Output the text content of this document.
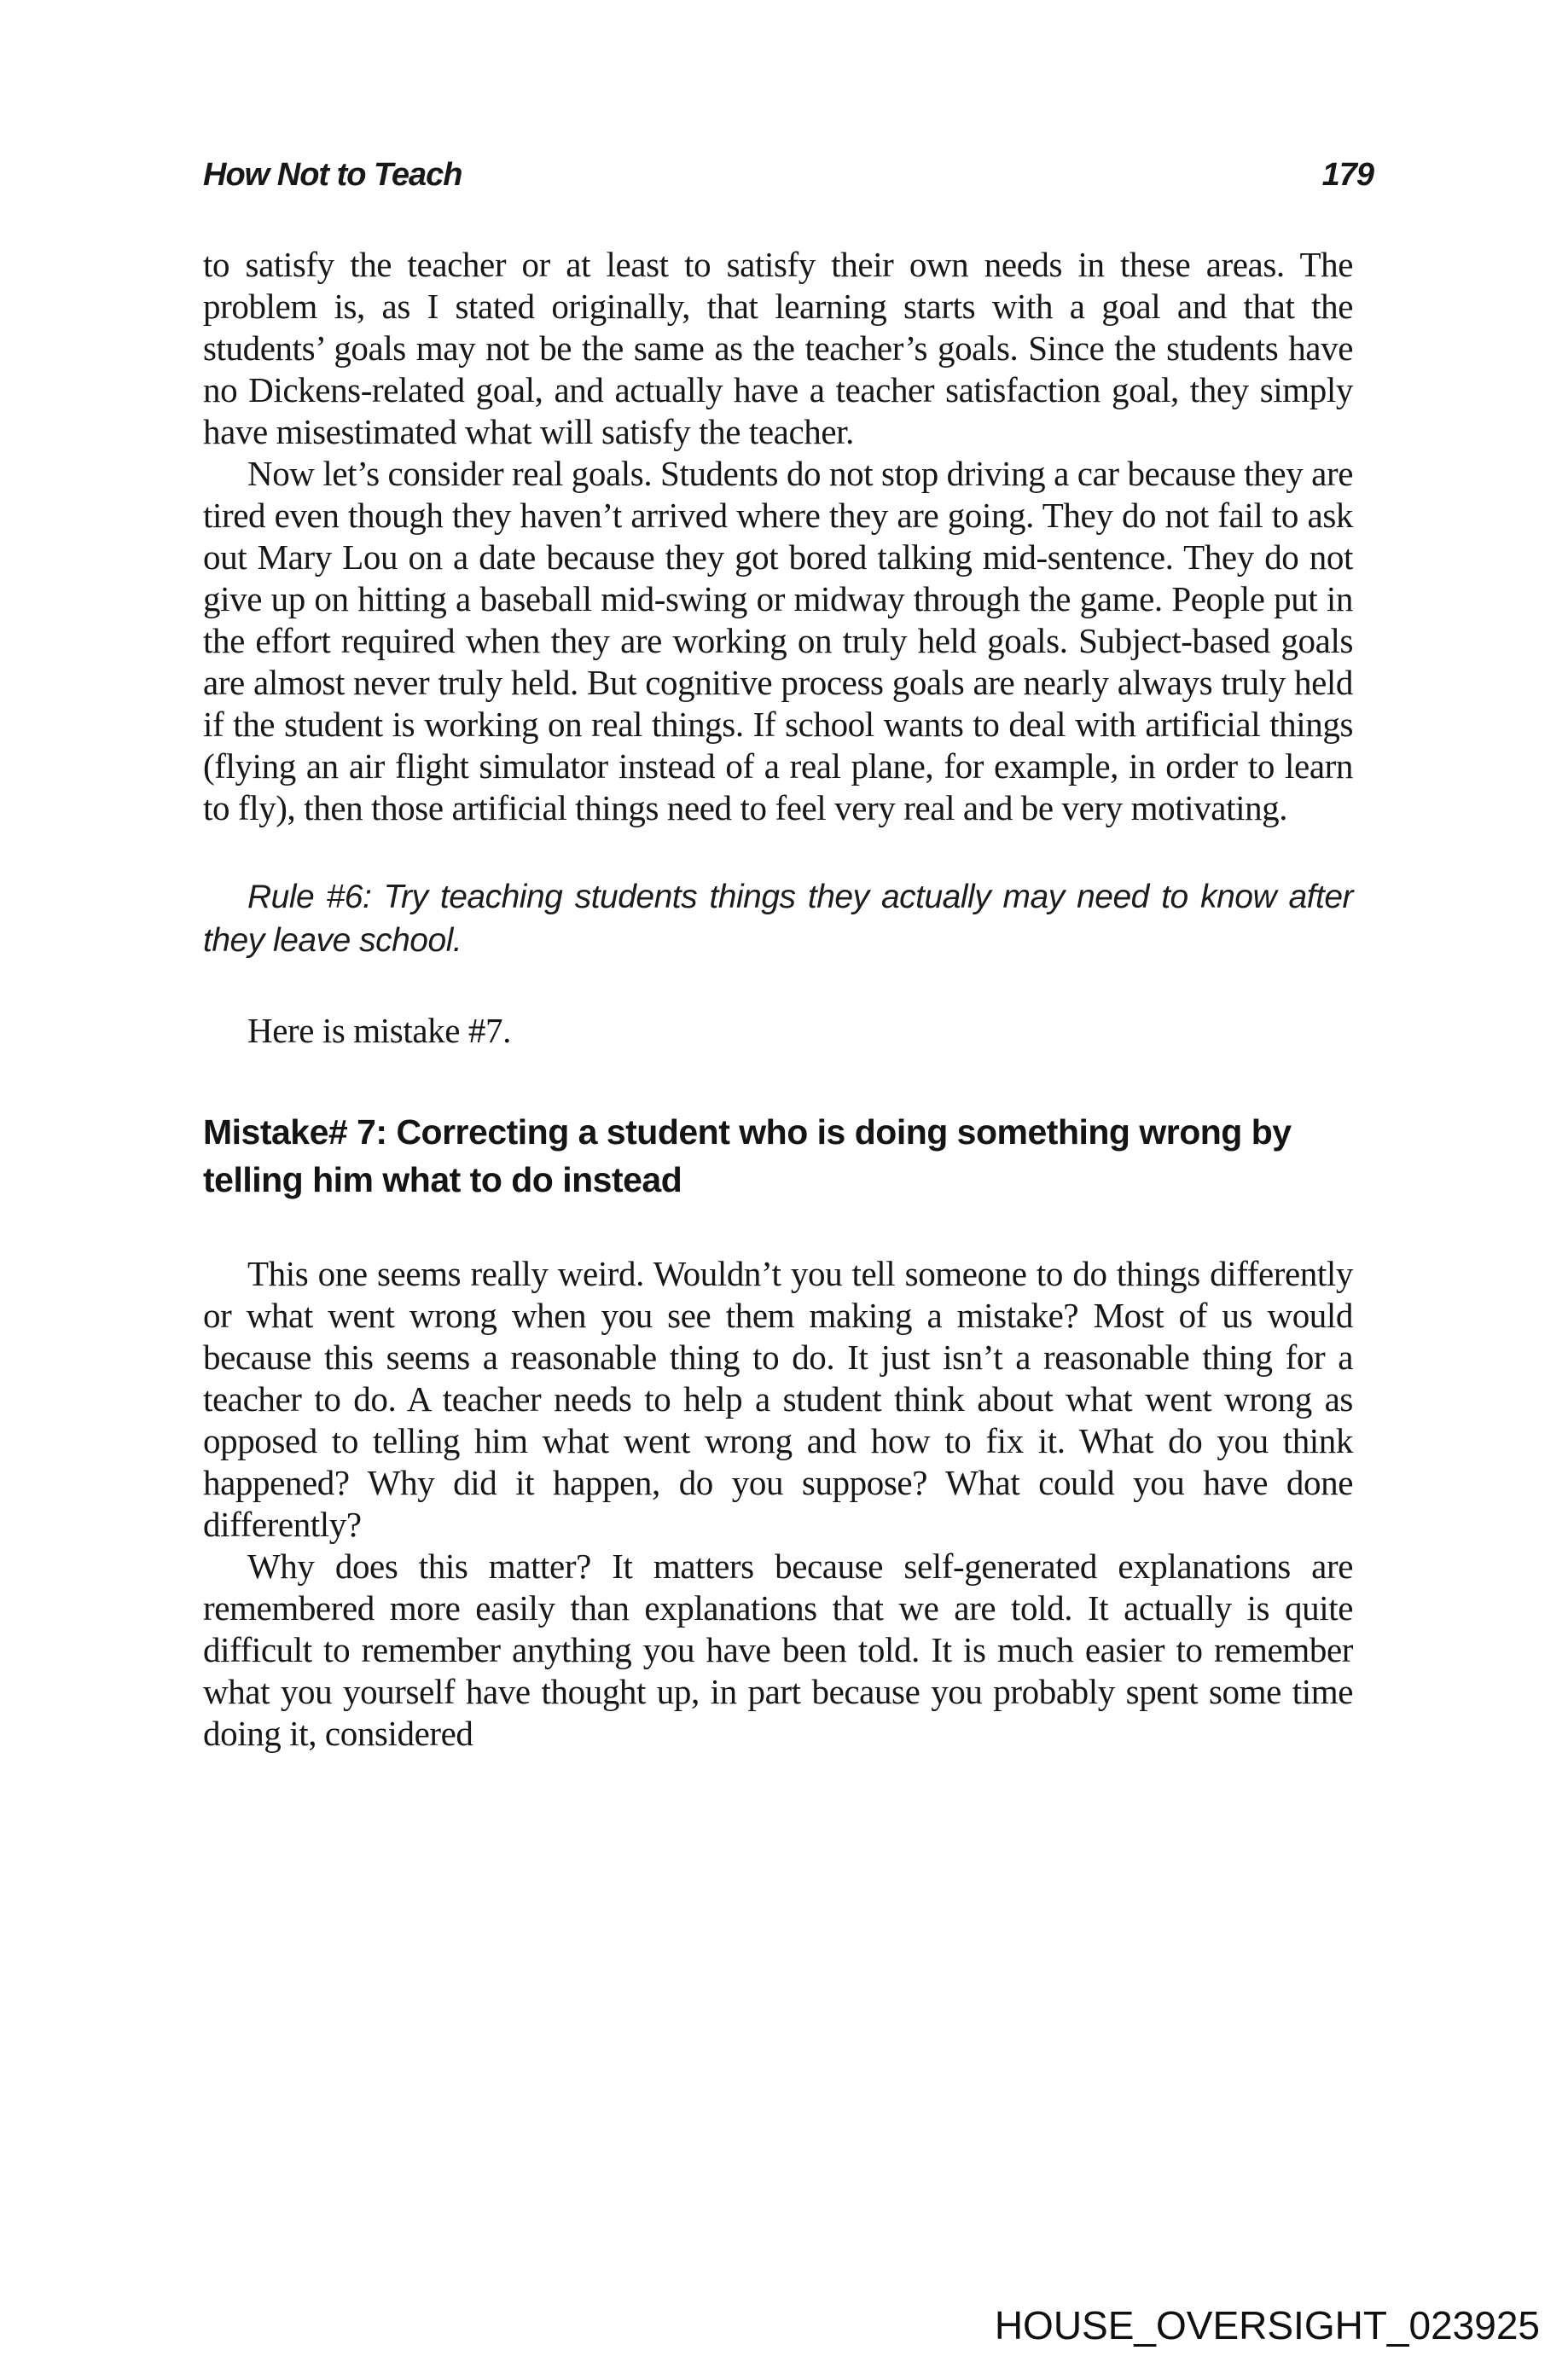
How Not to Teach	179

to satisfy the teacher or at least to satisfy their own needs in these areas. The problem is, as I stated originally, that learning starts with a goal and that the students’ goals may not be the same as the teacher’s goals. Since the students have no Dickens-related goal, and actually have a teacher satisfaction goal, they simply have misestimated what will satisfy the teacher.

Now let’s consider real goals. Students do not stop driving a car because they are tired even though they haven’t arrived where they are going. They do not fail to ask out Mary Lou on a date because they got bored talking mid-sentence. They do not give up on hitting a baseball mid-swing or midway through the game. People put in the effort required when they are working on truly held goals. Subject-based goals are almost never truly held. But cognitive process goals are nearly always truly held if the student is working on real things. If school wants to deal with artificial things (flying an air flight simulator instead of a real plane, for example, in order to learn to fly), then those artificial things need to feel very real and be very motivating.

Rule #6: Try teaching students things they actually may need to know after they leave school.

Here is mistake #7.

Mistake# 7: Correcting a student who is doing something wrong by telling him what to do instead

This one seems really weird. Wouldn’t you tell someone to do things differently or what went wrong when you see them making a mistake? Most of us would because this seems a reasonable thing to do. It just isn’t a reasonable thing for a teacher to do. A teacher needs to help a student think about what went wrong as opposed to telling him what went wrong and how to fix it. What do you think happened? Why did it happen, do you suppose? What could you have done differently?

Why does this matter? It matters because self-generated explanations are remembered more easily than explanations that we are told. It actually is quite difficult to remember anything you have been told. It is much easier to remember what you yourself have thought up, in part because you probably spent some time doing it, considered

HOUSE_OVERSIGHT_023925
